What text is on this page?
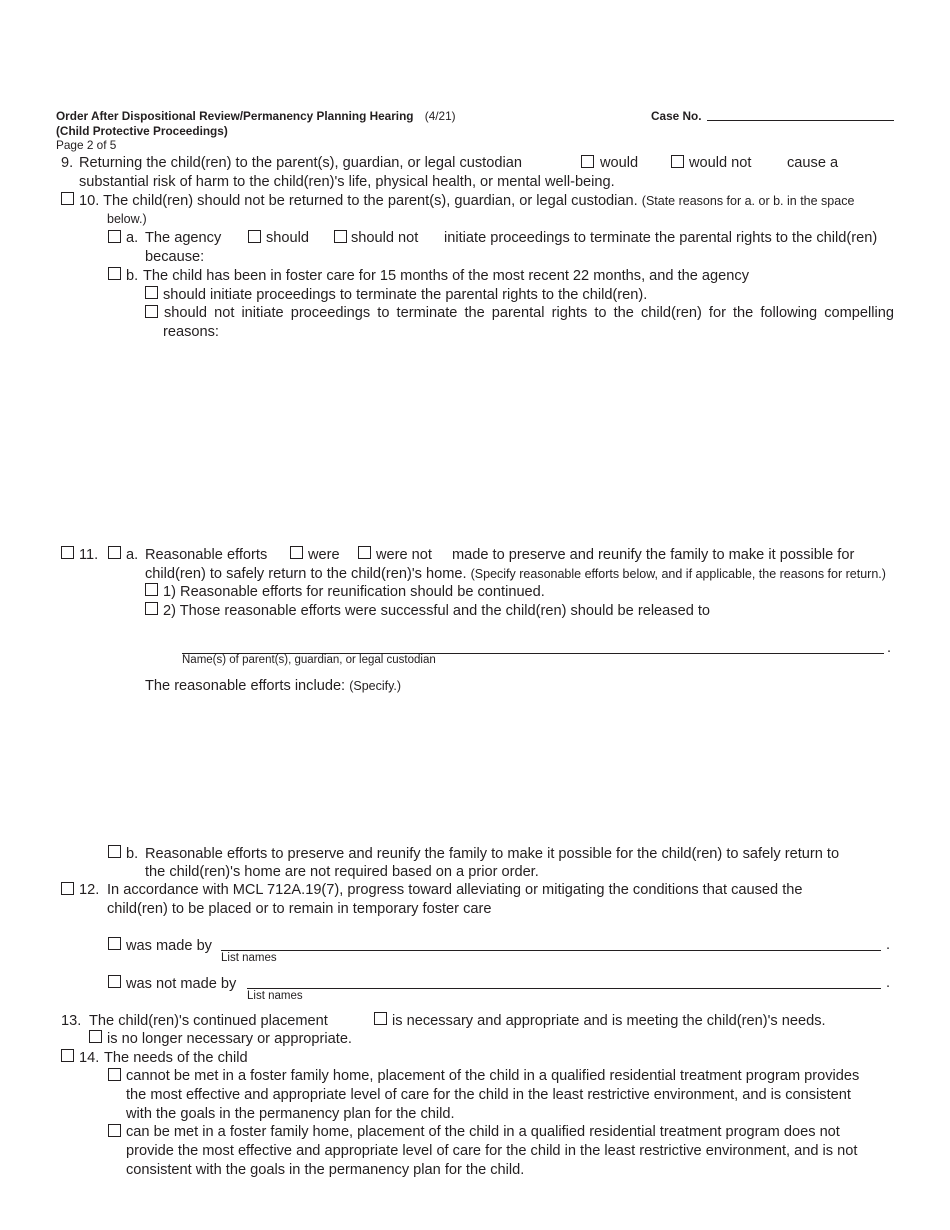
Order After Dispositional Review/Permanency Planning Hearing (4/21)
(Child Protective Proceedings)
Page 2 of 5
Case No.
9. Returning the child(ren) to the parent(s), guardian, or legal custodian	would	would not cause a
substantial risk of harm to the child(ren)'s life, physical health, or mental well-being.
10. The child(ren) should not be returned to the parent(s), guardian, or legal custodian. (State reasons for a. or b. in the space
below.)
a. The agency	should	should not initiate proceedings to terminate the parental rights to the child(ren)
because:
b. The child has been in foster care for 15 months of the most recent 22 months, and the agency
should initiate proceedings to terminate the parental rights to the child(ren).
should not initiate proceedings to terminate the parental rights to the child(ren) for the following compelling
reasons:
11. a. Reasonable efforts	were were not made to preserve and reunify the family to make it possible for
child(ren) to safely return to the child(ren)'s home. (Specify reasonable efforts below, and if applicable, the reasons for return.)
1) Reasonable efforts for reunification should be continued.
2) Those reasonable efforts were successful and the child(ren) should be released to
.
Name(s) of parent(s), guardian, or legal custodian
The reasonable efforts include: (Specify.)
b. Reasonable efforts to preserve and reunify the family to make it possible for the child(ren) to safely return to
the child(ren)'s home are not required based on a prior order.
12. In accordance with MCL 712A.19(7), progress toward alleviating or mitigating the conditions that caused the
child(ren) to be placed or to remain in temporary foster care
was made by	.
List names
was not made by	.
List names
13. The child(ren)'s continued placement	is necessary and appropriate and is meeting the child(ren)'s needs.
is no longer necessary or appropriate.
14. The needs of the child
cannot be met in a foster family home, placement of the child in a qualified residential treatment program provides
the most effective and appropriate level of care for the child in the least restrictive environment, and is consistent
with the goals in the permanency plan for the child.
can be met in a foster family home, placement of the child in a qualified residential treatment program does not
provide the most effective and appropriate level of care for the child in the least restrictive environment, and is not
consistent with the goals in the permanency plan for the child.
